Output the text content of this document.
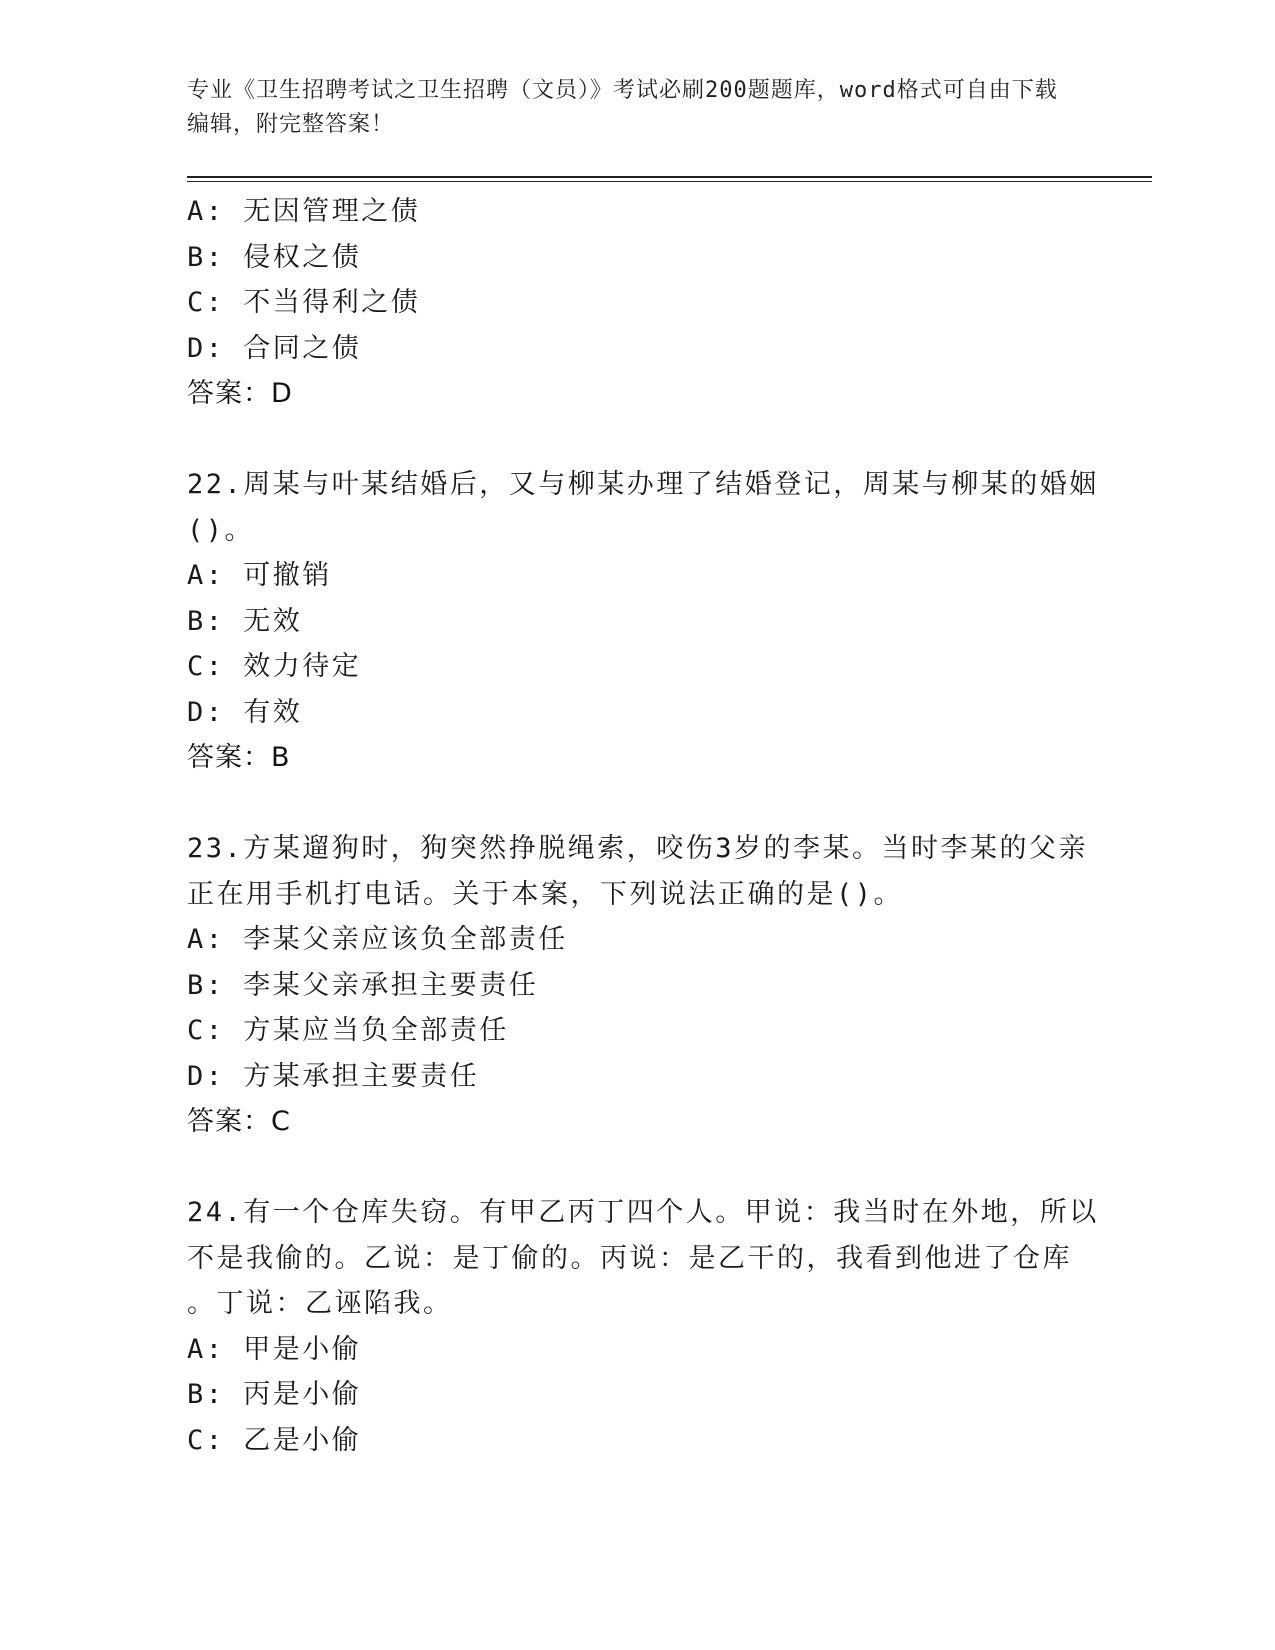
专业《卫生招聘考试之卫生招聘（文员）》考试必刷200题题库，word格式可自由下载编辑，附完整答案！
A: 无因管理之债
B: 侵权之债
C: 不当得利之债
D: 合同之债
答案：D
22.周某与叶某结婚后，又与柳某办理了结婚登记，周某与柳某的婚姻
()。
A: 可撤销
B: 无效
C: 效力待定
D: 有效
答案：B
23.方某遛狗时，狗突然挣脱绳索，咬伤3岁的李某。当时李某的父亲
正在用手机打电话。关于本案，下列说法正确的是()。
A: 李某父亲应该负全部责任
B: 李某父亲承担主要责任
C: 方某应当负全部责任
D: 方某承担主要责任
答案：C
24.有一个仓库失窃。有甲乙丙丁四个人。甲说：我当时在外地，所以
不是我偷的。乙说：是丁偷的。丙说：是乙干的，我看到他进了仓库
。丁说：乙诬陷我。
A: 甲是小偷
B: 丙是小偷
C: 乙是小偷
